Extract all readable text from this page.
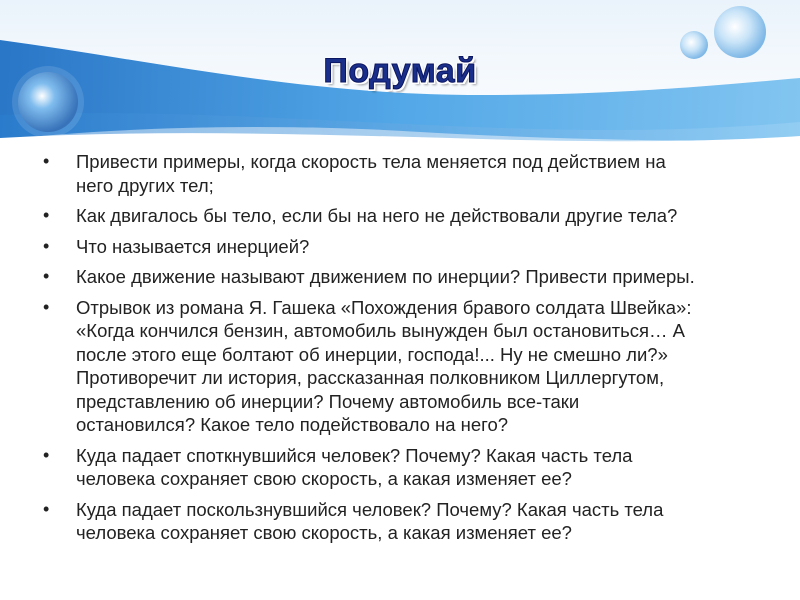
Подумай
• Привести примеры, когда скорость тела меняется под действием на
него других тел;
• Как двигалось бы тело, если бы на него не действовали другие тела?
• Что называется инерцией?
• Какое движение называют движением по инерции? Привести примеры.
• Отрывок из романа Я. Гашека «Похождения бравого солдата Швейка»:
«Когда кончился бензин, автомобиль вынужден был остановиться… А
после этого еще болтают об инерции, господа!... Ну не смешно ли?»
Противоречит ли история, рассказанная полковником Циллергутом,
представлению об инерции? Почему автомобиль все-таки
остановился? Какое тело подействовало на него?
• Куда падает споткнувшийся человек? Почему? Какая часть тела
человека сохраняет свою скорость, а какая изменяет ее?
• Куда падает поскользнувшийся человек? Почему? Какая часть тела
человека сохраняет свою скорость, а какая изменяет ее?
